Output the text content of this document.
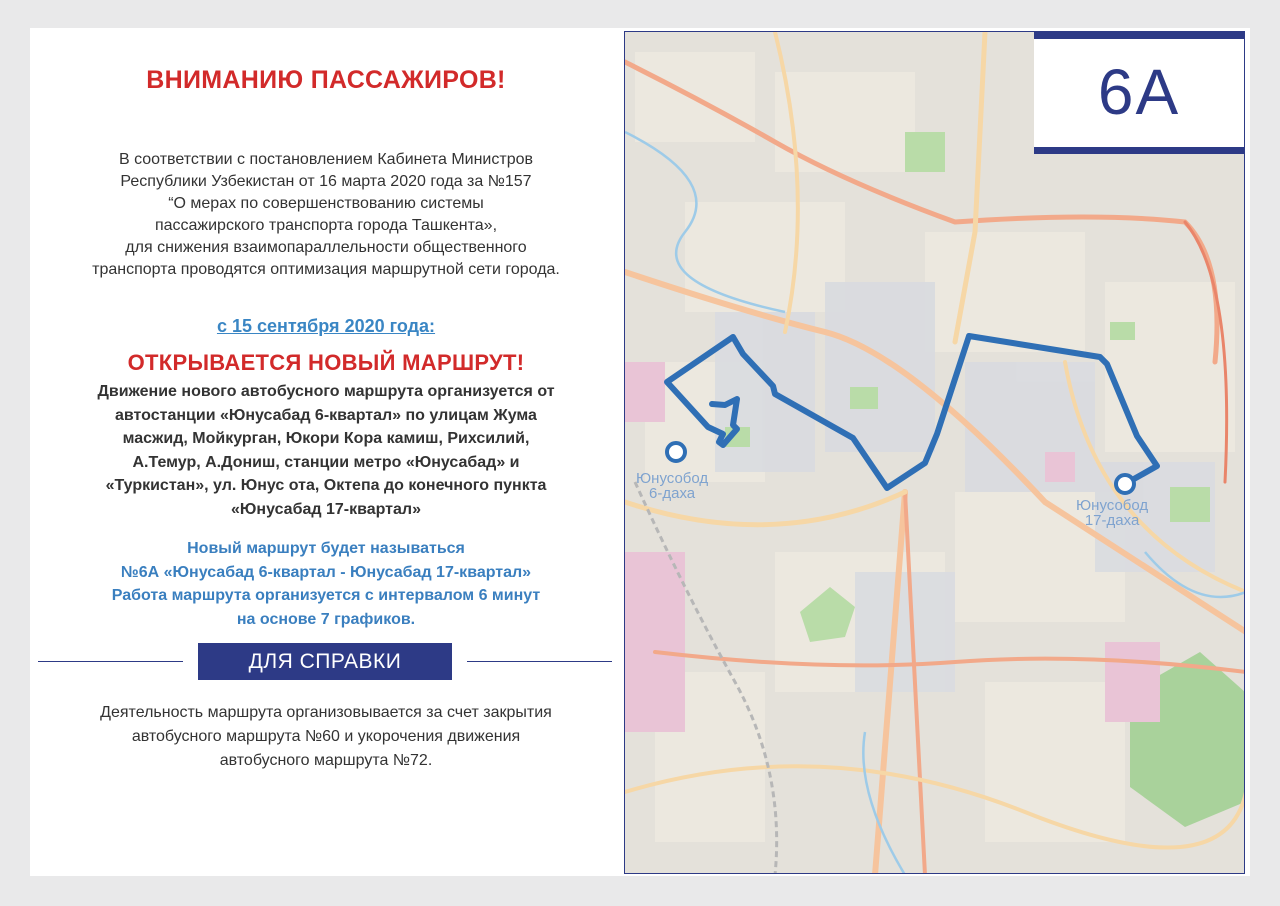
ВНИМАНИЮ ПАССАЖИРОВ!
В соответствии с постановлением Кабинета Министров
Республики Узбекистан от 16 марта 2020 года за №157
“О мерах по совершенствованию системы
пассажирского транспорта города Ташкента»,
для снижения взаимопараллельности общественного
транспорта проводятся оптимизация маршрутной сети города.
с 15 сентября 2020 года:
ОТКРЫВАЕТСЯ НОВЫЙ МАРШРУТ!
Движение нового автобусного маршрута организуется от
автостанции «Юнусабад 6-квартал» по улицам Жума
масжид, Мойкурган, Юкори Кора камиш, Рихсилий,
А.Темур, А.Дониш, станции метро «Юнусабад» и
«Туркистан», ул. Юнус ота, Октепа до конечного пункта
«Юнусабад 17-квартал»
Новый маршрут будет называться
№6А «Юнусабад 6-квартал - Юнусабад 17-квартал»
Работа маршрута организуется с интервалом 6 минут
на основе 7 графиков.
ДЛЯ СПРАВКИ
Деятельность маршрута организовывается за счет закрытия
автобусного маршрута №60 и укорочения движения
автобусного маршрута №72.
6А
Юнусобод
6-даха
Юнусобод
17-даха
